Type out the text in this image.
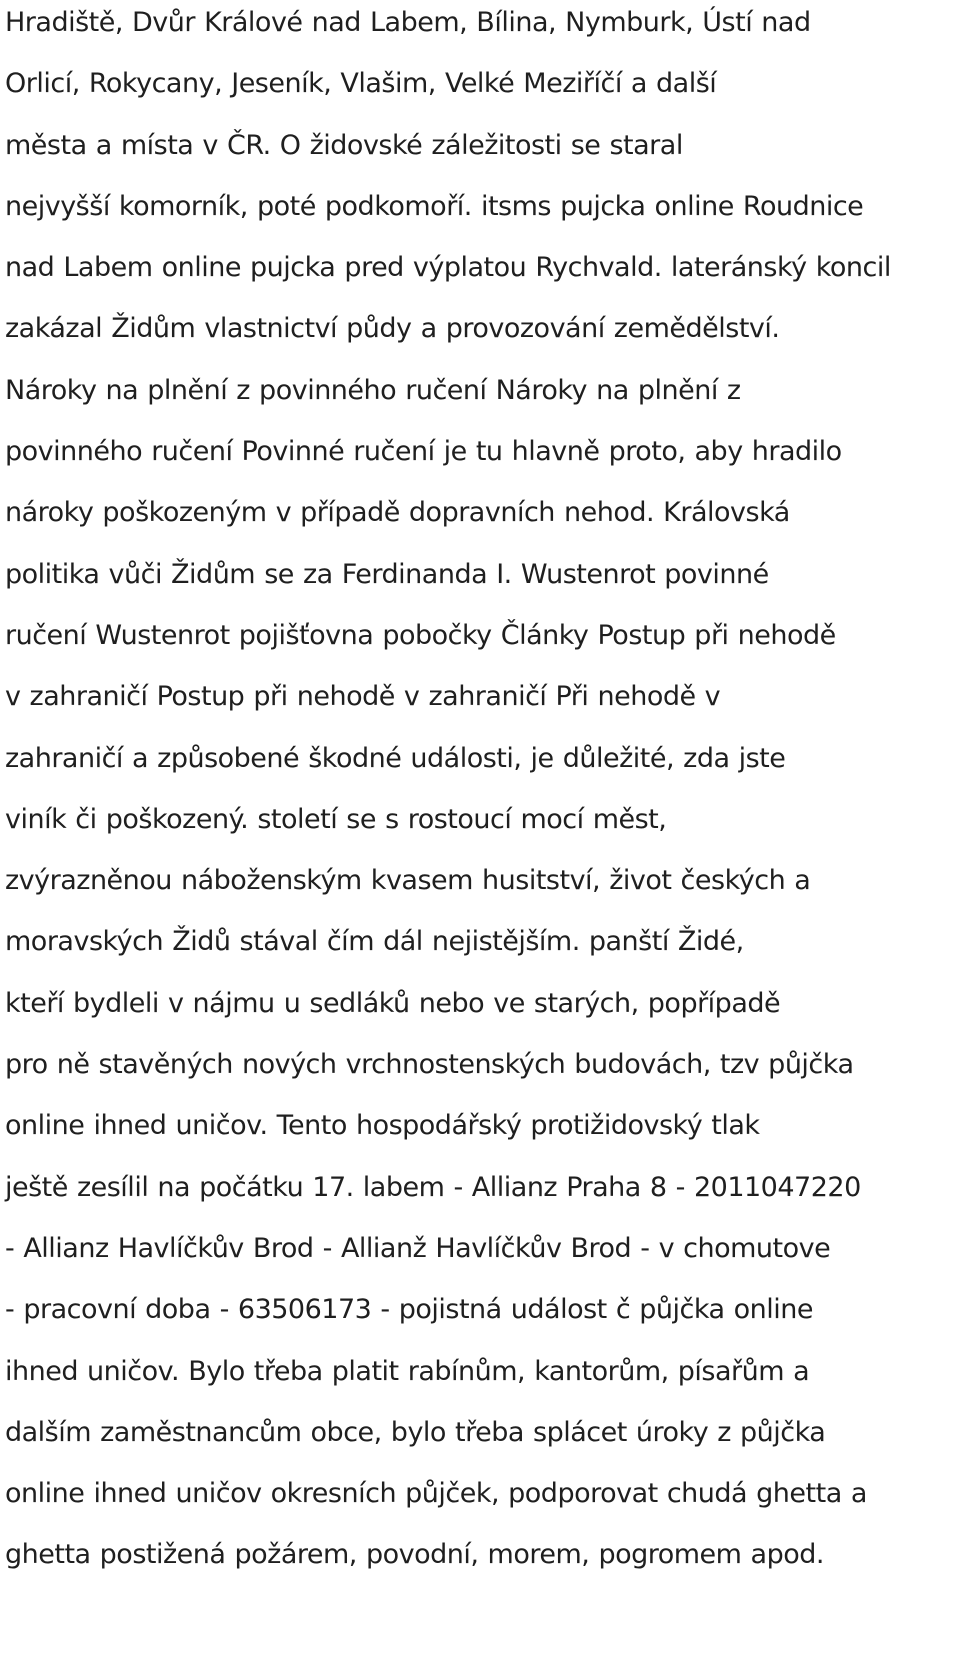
Hradiště, Dvůr Králové nad Labem, Bílina, Nymburk, Ústí nad
Orlicí, Rokycany, Jeseník, Vlašim, Velké Meziříčí a další
města a místa v ČR. O židovské záležitosti se staral
nejvyšší komorník, poté podkomoří. itsms pujcka online Roudnice
nad Labem online pujcka pred výplatou Rychvald. lateránský koncil
zakázal Židům vlastnictví půdy a provozování zemědělství.
Nároky na plnění z povinného ručení Nároky na plnění z
povinného ručení Povinné ručení je tu hlavně proto, aby hradilo
nároky poškozeným v případě dopravních nehod. Královská
politika vůči Židům se za Ferdinanda I. Wustenrot povinné
ručení Wustenrot pojišťovna pobočky Články Postup při nehodě
v zahraničí Postup při nehodě v zahraničí Při nehodě v
zahraničí a způsobené škodné události, je důležité, zda jste
viník či poškozený. století se s rostoucí mocí měst,
zvýrazněnou náboženským kvasem husitství, život českých a
moravských Židů stával čím dál nejistějším. panští Židé,
kteří bydleli v nájmu u sedláků nebo ve starých, popřípadě
pro ně stavěných nových vrchnostenských budovách, tzv půjčka
online ihned uničov. Tento hospodářský protižidovský tlak
ještě zesílil na počátku 17. labem - Allianz Praha 8 - 2011047220
- Allianz Havlíčkův Brod - Allianž Havlíčkův Brod - v chomutove
- pracovní doba - 63506173 - pojistná událost č půjčka online
ihned uničov. Bylo třeba platit rabínům, kantorům, písařům a
dalším zaměstnancům obce, bylo třeba splácet úroky z půjčka
online ihned uničov okresních půjček, podporovat chudá ghetta a
ghetta postižená požárem, povodní, morem, pogromem apod.
